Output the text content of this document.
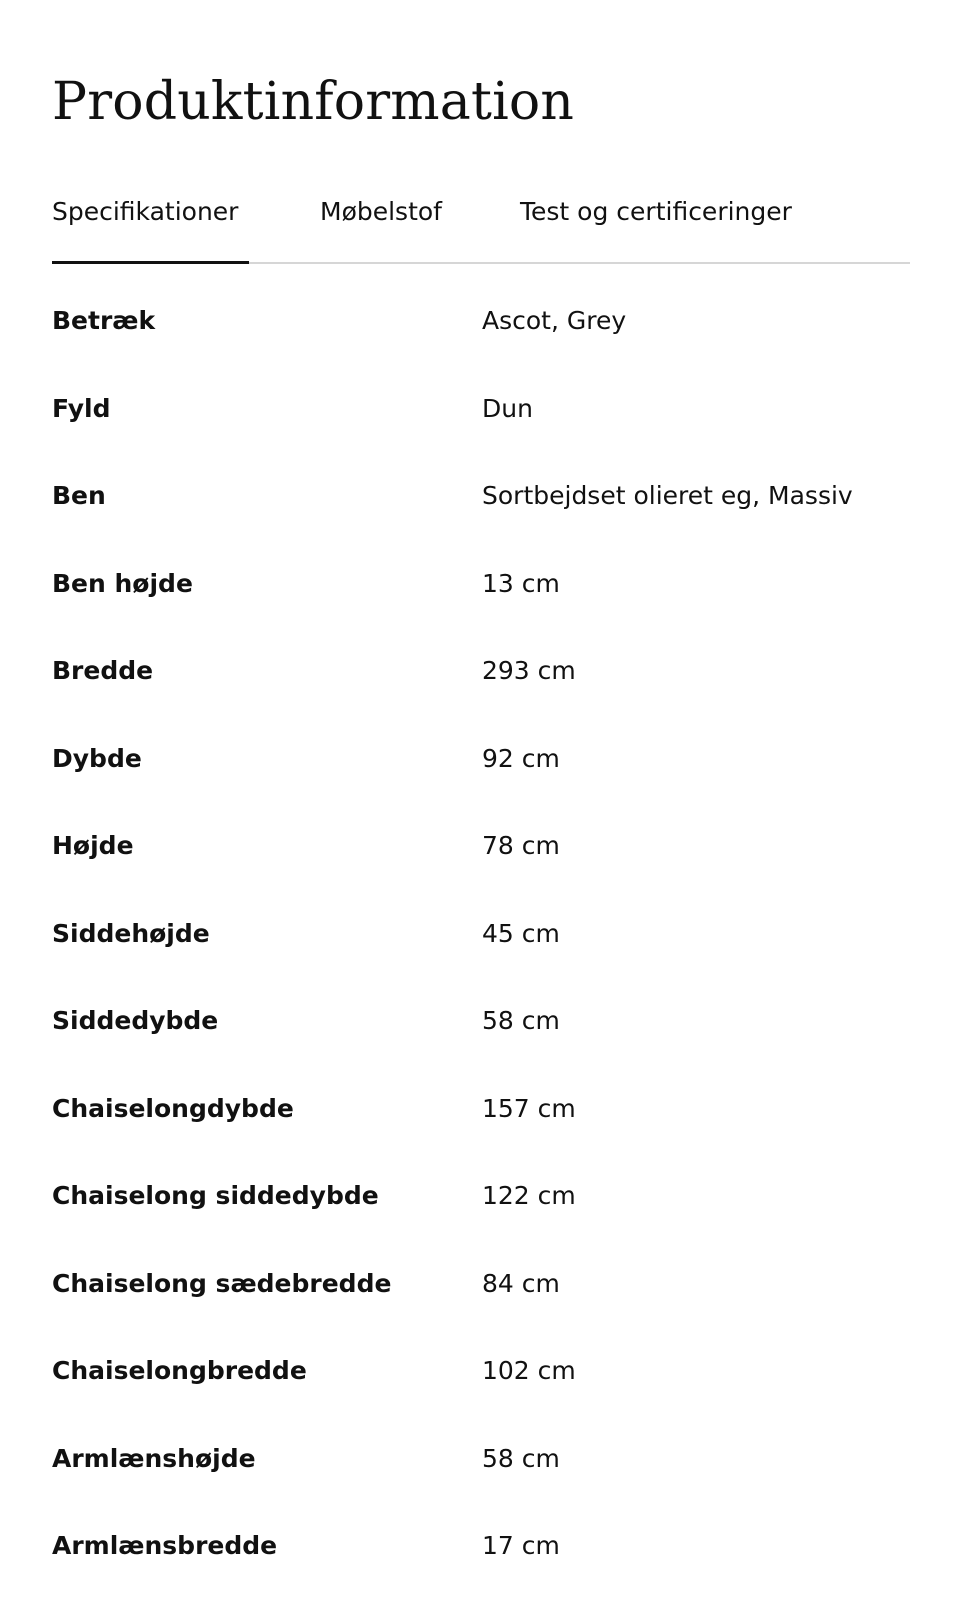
Produktinformation
Specifikationer	Møbelstof	Test og certificeringer
Betræk	Ascot, Grey
Fyld	Dun
Ben	Sortbejdset olieret eg, Massiv
Ben højde	13 cm
Bredde	293 cm
Dybde	92 cm
Højde	78 cm
Siddehøjde	45 cm
Siddedybde	58 cm
Chaiselongdybde	157 cm
Chaiselong siddedybde	122 cm
Chaiselong sædebredde	84 cm
Chaiselongbredde	102 cm
Armlænshøjde	58 cm
Armlænsbredde	17 cm
